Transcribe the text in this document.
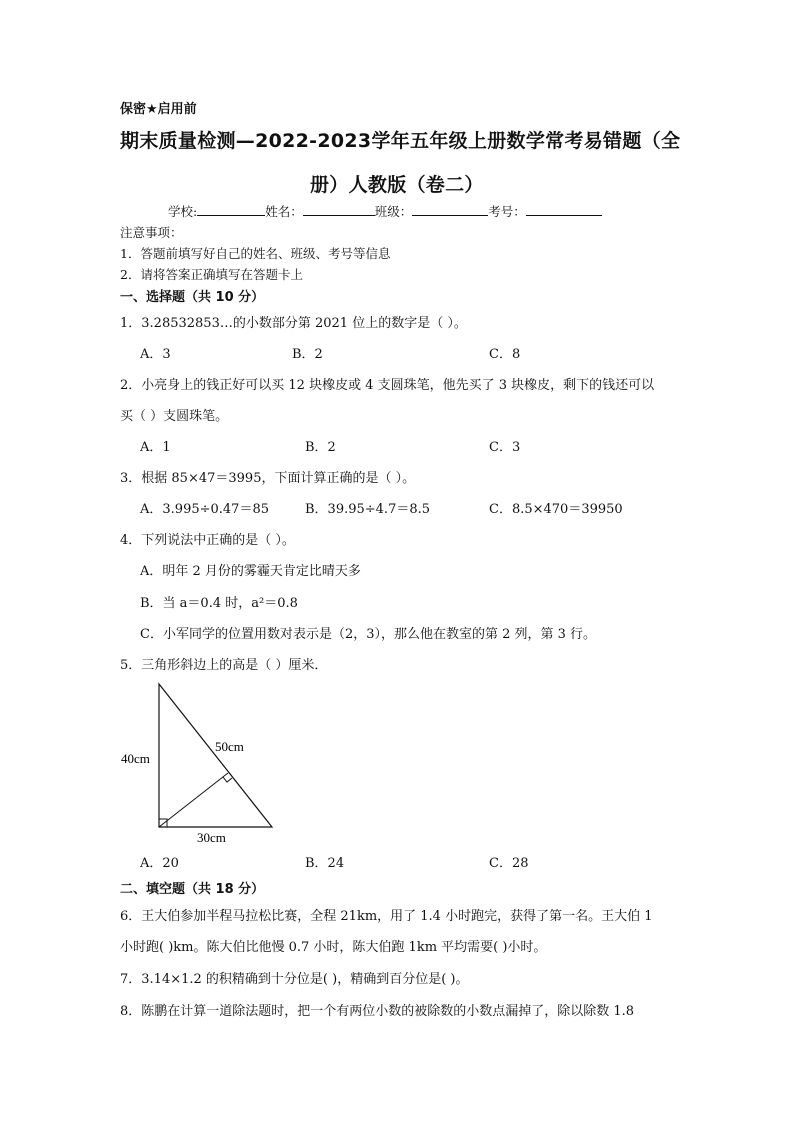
保密★启用前
期末质量检测—2022-2023学年五年级上册数学常考易错题（全
册）人教版（卷二）
学校:	姓名：	班级：	考号：
注意事项：
1．答题前填写好自己的姓名、班级、考号等信息
2．请将答案正确填写在答题卡上
一、选择题（共 10 分）
1．3.28532853…的小数部分第 2021 位上的数字是（ ）。
A．3	B．2	C．8
2．小亮身上的钱正好可以买 12 块橡皮或 4 支圆珠笔，他先买了 3 块橡皮，剩下的钱还可以
买（ ）支圆珠笔。
A．1	B．2	C．3
3．根据 85×47＝3995，下面计算正确的是（ ）。
A．3.995÷0.47＝85	B．39.95÷4.7＝8.5	C．8.5×470＝39950
4．下列说法中正确的是（ ）。
A．明年 2 月份的雾霾天肯定比晴天多
B．当 a＝0.4 时，a²＝0.8
C．小军同学的位置用数对表示是（2，3），那么他在教室的第 2 列，第 3 行。
5．三角形斜边上的高是（ ）厘米．
40cm
50cm
30cm
A．20	B．24	C．28
二、填空题（共 18 分）
6．王大伯参加半程马拉松比赛，全程 21km，用了 1.4 小时跑完，获得了第一名。王大伯 1
小时跑( )km。陈大伯比他慢 0.7 小时，陈大伯跑 1km 平均需要( )小时。
7．3.14×1.2 的积精确到十分位是( )，精确到百分位是( )。
8．陈鹏在计算一道除法题时，把一个有两位小数的被除数的小数点漏掉了，除以除数 1.8
